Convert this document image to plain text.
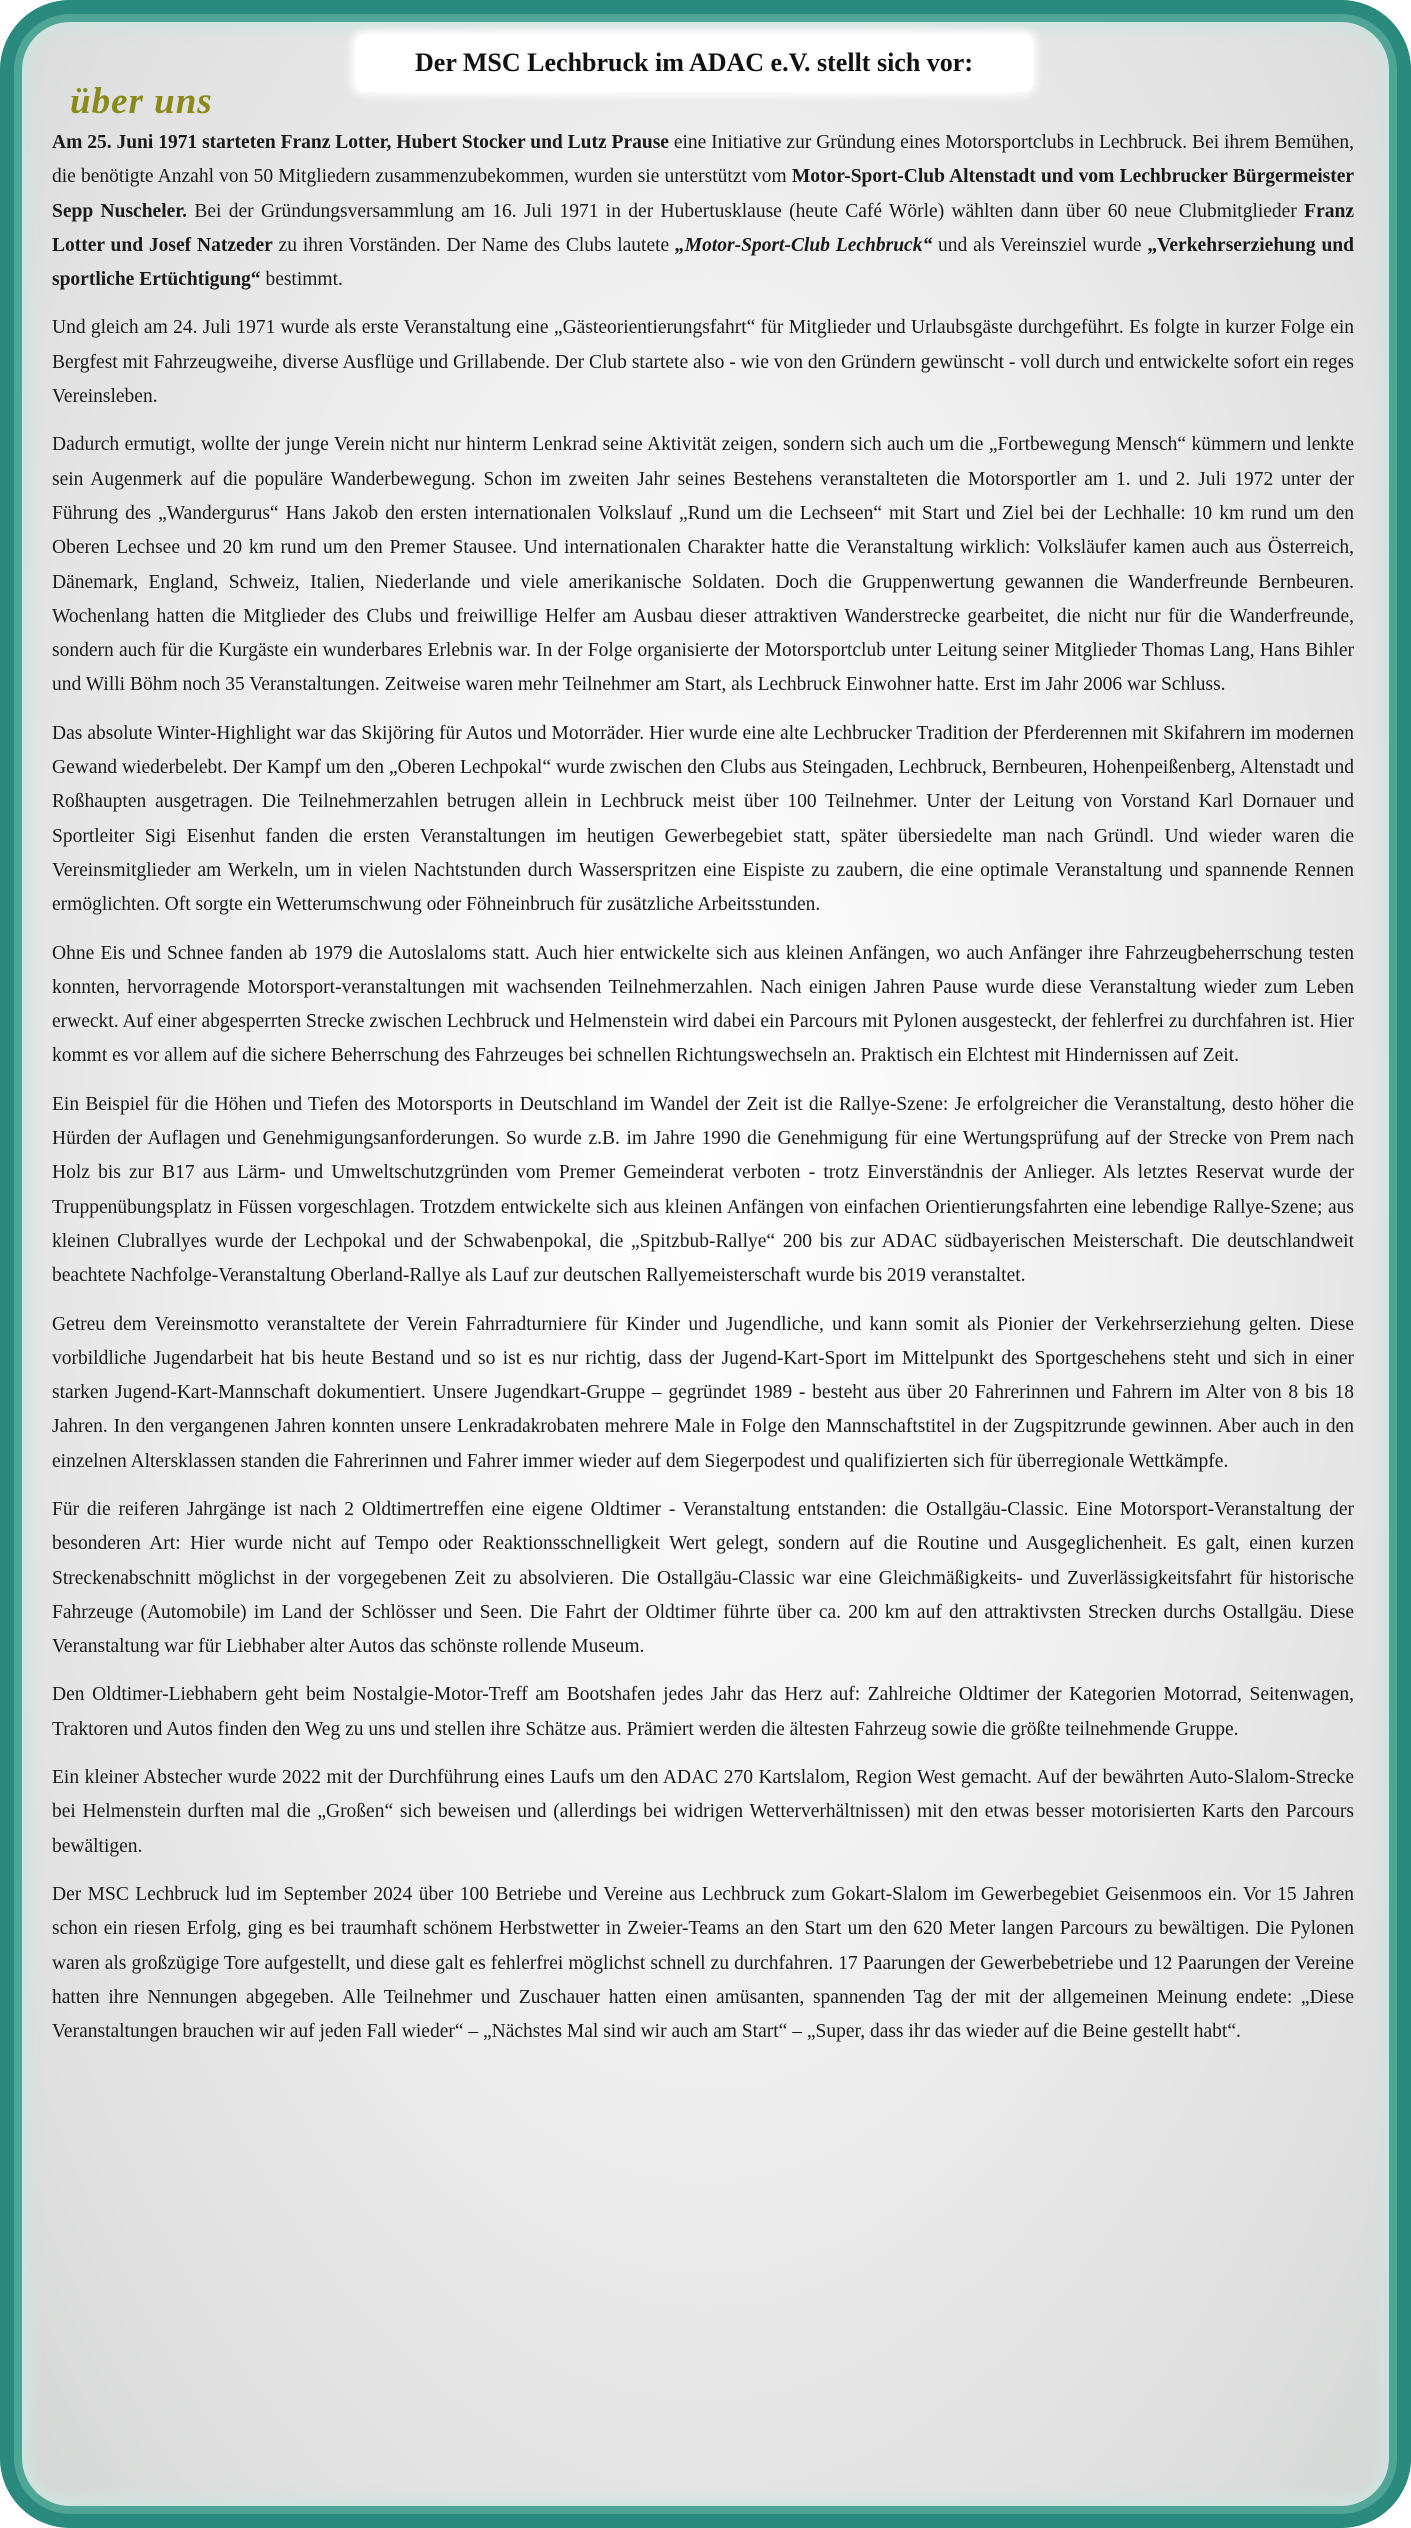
Der MSC Lechbruck im ADAC e.V. stellt sich vor:
über uns

Am 25. Juni 1971 starteten Franz Lotter, Hubert Stocker und Lutz Prause eine Initiative zur Gründung eines Motorsportclubs in Lechbruck. Bei ihrem Bemühen, die benötigte Anzahl von 50 Mitgliedern zusammenzubekommen, wurden sie unterstützt vom Motor-Sport-Club Altenstadt und vom Lechbrucker Bürgermeister Sepp Nuscheler. Bei der Gründungsversammlung am 16. Juli 1971 in der Hubertusklause (heute Café Wörle) wählten dann über 60 neue Clubmitglieder Franz Lotter und Josef Natzeder zu ihren Vorständen. Der Name des Clubs lautete „Motor-Sport-Club Lechbruck“ und als Vereinsziel wurde „Verkehrserziehung und sportliche Ertüchtigung“ bestimmt.

Und gleich am 24. Juli 1971 wurde als erste Veranstaltung eine „Gästeorientierungsfahrt“ für Mitglieder und Urlaubsgäste durchgeführt. Es folgte in kurzer Folge ein Bergfest mit Fahrzeugweihe, diverse Ausflüge und Grillabende. Der Club startete also - wie von den Gründern gewünscht - voll durch und entwickelte sofort ein reges Vereinsleben.

Dadurch ermutigt, wollte der junge Verein nicht nur hinterm Lenkrad seine Aktivität zeigen, sondern sich auch um die „Fortbewegung Mensch“ kümmern und lenkte sein Augenmerk auf die populäre Wanderbewegung. Schon im zweiten Jahr seines Bestehens veranstalteten die Motorsportler am 1. und 2. Juli 1972 unter der Führung des „Wandergurus“ Hans Jakob den ersten internationalen Volkslauf „Rund um die Lechseen“ mit Start und Ziel bei der Lechhalle: 10 km rund um den Oberen Lechsee und 20 km rund um den Premer Stausee. Und internationalen Charakter hatte die Veranstaltung wirklich: Volksläufer kamen auch aus Österreich, Dänemark, England, Schweiz, Italien, Niederlande und viele amerikanische Soldaten. Doch die Gruppenwertung gewannen die Wanderfreunde Bernbeuren. Wochenlang hatten die Mitglieder des Clubs und freiwillige Helfer am Ausbau dieser attraktiven Wanderstrecke gearbeitet, die nicht nur für die Wanderfreunde, sondern auch für die Kurgäste ein wunderbares Erlebnis war. In der Folge organisierte der Motorsportclub unter Leitung seiner Mitglieder Thomas Lang, Hans Bihler und Willi Böhm noch 35 Veranstaltungen. Zeitweise waren mehr Teilnehmer am Start, als Lechbruck Einwohner hatte. Erst im Jahr 2006 war Schluss.

Das absolute Winter-Highlight war das Skijöring für Autos und Motorräder. Hier wurde eine alte Lechbrucker Tradition der Pferderennen mit Skifahrern im modernen Gewand wiederbelebt. Der Kampf um den „Oberen Lechpokal“ wurde zwischen den Clubs aus Steingaden, Lechbruck, Bernbeuren, Hohenpeißenberg, Altenstadt und Roßhaupten ausgetragen. Die Teilnehmerzahlen betrugen allein in Lechbruck meist über 100 Teilnehmer. Unter der Leitung von Vorstand Karl Dornauer und Sportleiter Sigi Eisenhut fanden die ersten Veranstaltungen im heutigen Gewerbegebiet statt, später übersiedelte man nach Gründl. Und wieder waren die Vereinsmitglieder am Werkeln, um in vielen Nachtstunden durch Wasserspritzen eine Eispiste zu zaubern, die eine optimale Veranstaltung und spannende Rennen ermöglichten. Oft sorgte ein Wetterumschwung oder Föhneinbruch für zusätzliche Arbeitsstunden.

Ohne Eis und Schnee fanden ab 1979 die Autoslaloms statt. Auch hier entwickelte sich aus kleinen Anfängen, wo auch Anfänger ihre Fahrzeugbeherrschung testen konnten, hervorragende Motorsport-veranstaltungen mit wachsenden Teilnehmerzahlen. Nach einigen Jahren Pause wurde diese Veranstaltung wieder zum Leben erweckt. Auf einer abgesperrten Strecke zwischen Lechbruck und Helmenstein wird dabei ein Parcours mit Pylonen ausgesteckt, der fehlerfrei zu durchfahren ist. Hier kommt es vor allem auf die sichere Beherrschung des Fahrzeuges bei schnellen Richtungswechseln an. Praktisch ein Elchtest mit Hindernissen auf Zeit.

Ein Beispiel für die Höhen und Tiefen des Motorsports in Deutschland im Wandel der Zeit ist die Rallye-Szene: Je erfolgreicher die Veranstaltung, desto höher die Hürden der Auflagen und Genehmigungsanforderungen. So wurde z.B. im Jahre 1990 die Genehmigung für eine Wertungsprüfung auf der Strecke von Prem nach Holz bis zur B17 aus Lärm- und Umweltschutzgründen vom Premer Gemeinderat verboten - trotz Einverständnis der Anlieger. Als letztes Reservat wurde der Truppenübungsplatz in Füssen vorgeschlagen. Trotzdem entwickelte sich aus kleinen Anfängen von einfachen Orientierungsfahrten eine lebendige Rallye-Szene; aus kleinen Clubrallyes wurde der Lechpokal und der Schwabenpokal, die „Spitzbub-Rallye“ 200 bis zur ADAC südbayerischen Meisterschaft. Die deutschlandweit beachtete Nachfolge-Veranstaltung Oberland-Rallye als Lauf zur deutschen Rallyemeisterschaft wurde bis 2019 veranstaltet.

Getreu dem Vereinsmotto veranstaltete der Verein Fahrradturniere für Kinder und Jugendliche, und kann somit als Pionier der Verkehrserziehung gelten. Diese vorbildliche Jugendarbeit hat bis heute Bestand und so ist es nur richtig, dass der Jugend-Kart-Sport im Mittelpunkt des Sportgeschehens steht und sich in einer starken Jugend-Kart-Mannschaft dokumentiert. Unsere Jugendkart-Gruppe – gegründet 1989 - besteht aus über 20 Fahrerinnen und Fahrern im Alter von 8 bis 18 Jahren. In den vergangenen Jahren konnten unsere Lenkradakrobaten mehrere Male in Folge den Mannschaftstitel in der Zugspitzrunde gewinnen. Aber auch in den einzelnen Altersklassen standen die Fahrerinnen und Fahrer immer wieder auf dem Siegerpodest und qualifizierten sich für überregionale Wettkämpfe.

Für die reiferen Jahrgänge ist nach 2 Oldtimertreffen eine eigene Oldtimer - Veranstaltung entstanden: die Ostallgäu-Classic. Eine Motorsport-Veranstaltung der besonderen Art: Hier wurde nicht auf Tempo oder Reaktionsschnelligkeit Wert gelegt, sondern auf die Routine und Ausgeglichenheit. Es galt, einen kurzen Streckenabschnitt möglichst in der vorgegebenen Zeit zu absolvieren. Die Ostallgäu-Classic war eine Gleichmäßigkeits- und Zuverlässigkeitsfahrt für historische Fahrzeuge (Automobile) im Land der Schlösser und Seen. Die Fahrt der Oldtimer führte über ca. 200 km auf den attraktivsten Strecken durchs Ostallgäu. Diese Veranstaltung war für Liebhaber alter Autos das schönste rollende Museum.

Den Oldtimer-Liebhabern geht beim Nostalgie-Motor-Treff am Bootshafen jedes Jahr das Herz auf: Zahlreiche Oldtimer der Kategorien Motorrad, Seitenwagen, Traktoren und Autos finden den Weg zu uns und stellen ihre Schätze aus. Prämiert werden die ältesten Fahrzeug sowie die größte teilnehmende Gruppe.

Ein kleiner Abstecher wurde 2022 mit der Durchführung eines Laufs um den ADAC 270 Kartslalom, Region West gemacht. Auf der bewährten Auto-Slalom-Strecke bei Helmenstein durften mal die „Großen“ sich beweisen und (allerdings bei widrigen Wetterverhältnissen) mit den etwas besser motorisierten Karts den Parcours bewältigen.

Der MSC Lechbruck lud im September 2024 über 100 Betriebe und Vereine aus Lechbruck zum Gokart-Slalom im Gewerbegebiet Geisenmoos ein. Vor 15 Jahren schon ein riesen Erfolg, ging es bei traumhaft schönem Herbstwetter in Zweier-Teams an den Start um den 620 Meter langen Parcours zu bewältigen. Die Pylonen waren als großzügige Tore aufgestellt, und diese galt es fehlerfrei möglichst schnell zu durchfahren. 17 Paarungen der Gewerbebetriebe und 12 Paarungen der Vereine hatten ihre Nennungen abgegeben. Alle Teilnehmer und Zuschauer hatten einen amüsanten, spannenden Tag der mit der allgemeinen Meinung endete: „Diese Veranstaltungen brauchen wir auf jeden Fall wieder“ – „Nächstes Mal sind wir auch am Start“ – „Super, dass ihr das wieder auf die Beine gestellt habt“.
